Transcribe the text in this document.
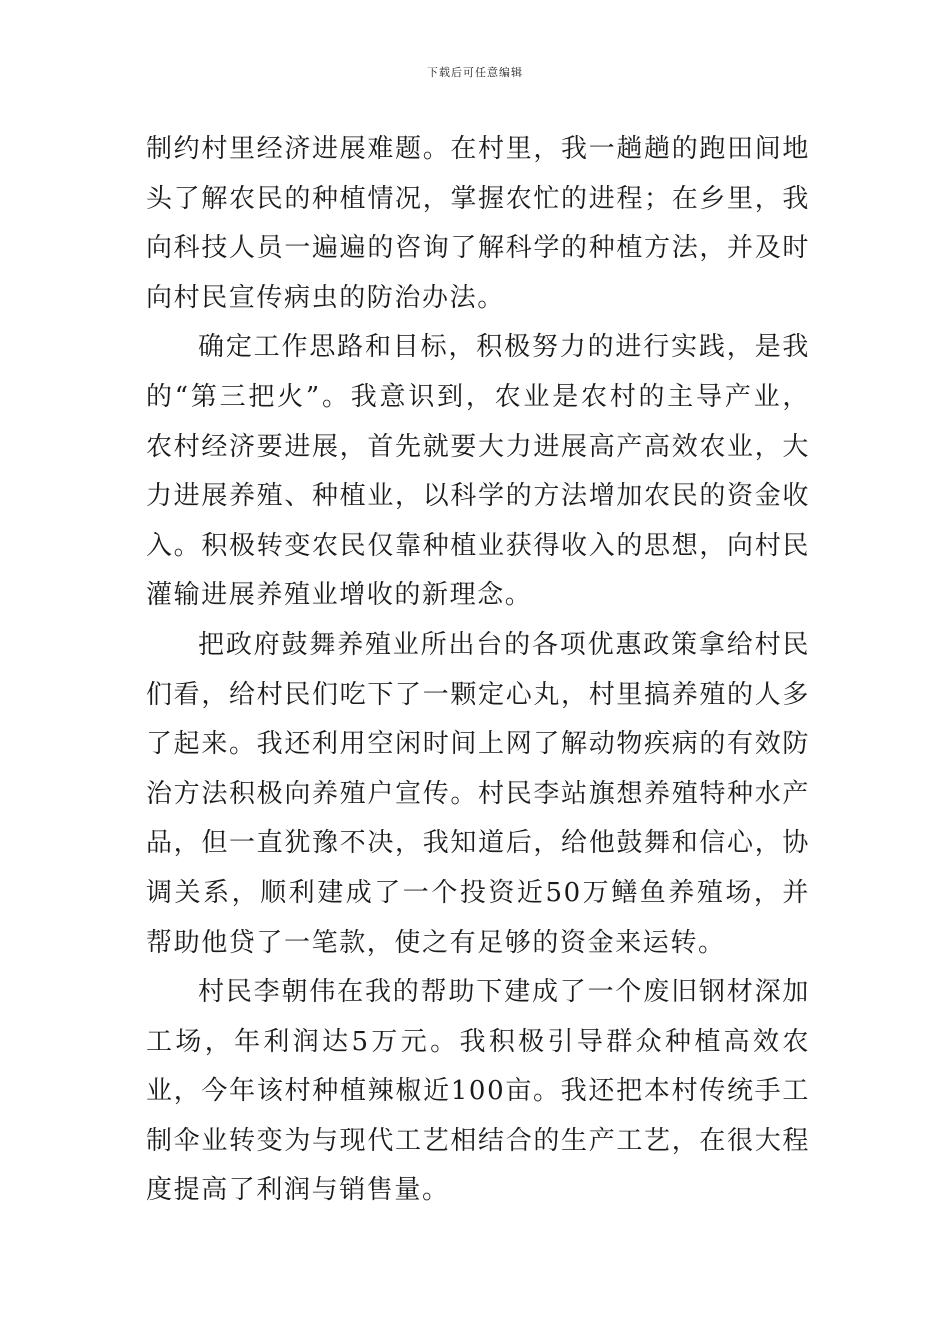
下载后可任意编辑

制约村里经济进展难题。在村里，我一趟趟的跑田间地头了解农民的种植情况，掌握农忙的进程；在乡里，我向科技人员一遍遍的咨询了解科学的种植方法，并及时向村民宣传病虫的防治办法。

确定工作思路和目标，积极努力的进行实践，是我的“第三把火”。我意识到，农业是农村的主导产业，农村经济要进展，首先就要大力进展高产高效农业，大力进展养殖、种植业，以科学的方法增加农民的资金收入。积极转变农民仅靠种植业获得收入的思想，向村民灌输进展养殖业增收的新理念。

把政府鼓舞养殖业所出台的各项优惠政策拿给村民们看，给村民们吃下了一颗定心丸，村里搞养殖的人多了起来。我还利用空闲时间上网了解动物疾病的有效防治方法积极向养殖户宣传。村民李站旗想养殖特种水产品，但一直犹豫不决，我知道后，给他鼓舞和信心，协调关系，顺利建成了一个投资近50万鳝鱼养殖场，并帮助他贷了一笔款，使之有足够的资金来运转。

村民李朝伟在我的帮助下建成了一个废旧钢材深加工场，年利润达5万元。我积极引导群众种植高效农业，今年该村种植辣椒近100亩。我还把本村传统手工制伞业转变为与现代工艺相结合的生产工艺，在很大程度提高了利润与销售量。
